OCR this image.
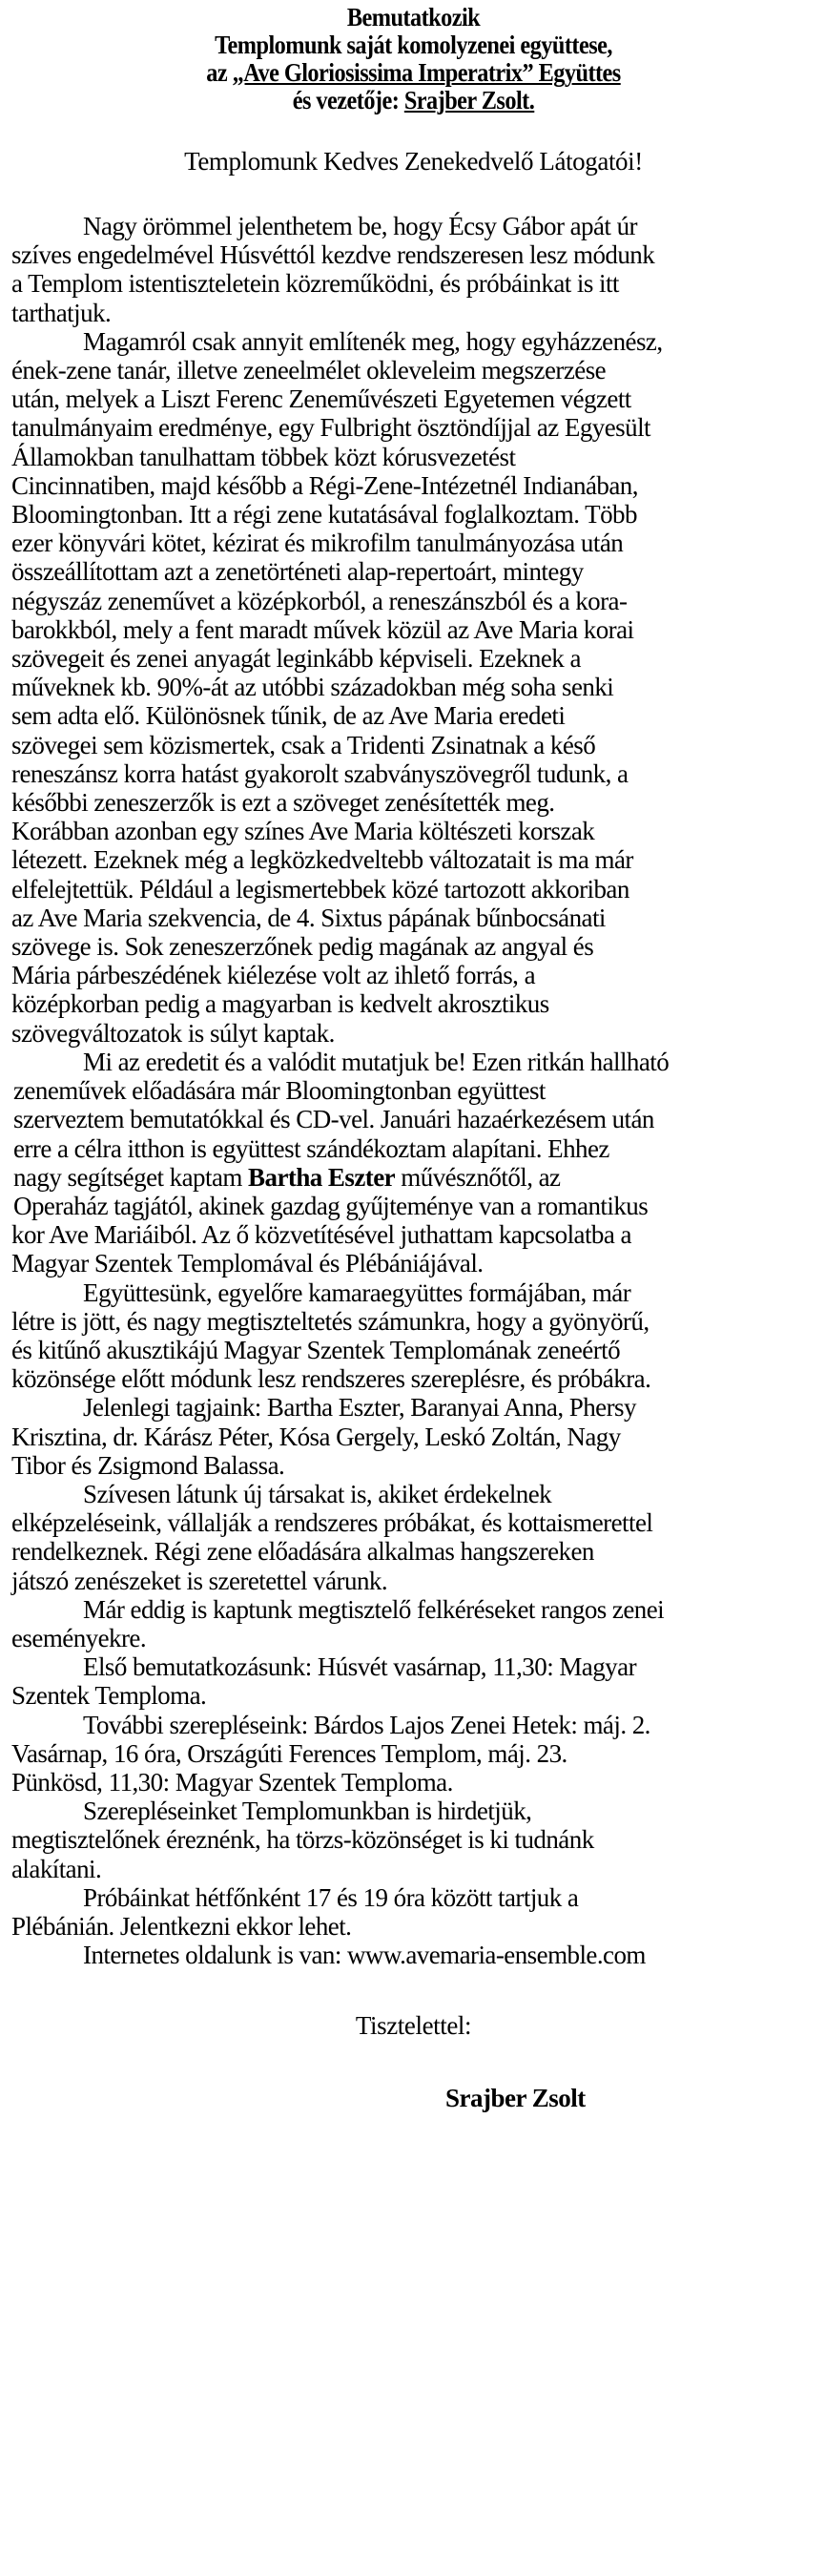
Bemutatkozik
Templomunk saját komolyzenei együttese,
az „Ave Gloriosissima Imperatrix” Együttes
és vezetője: Srajber Zsolt.
Templomunk Kedves Zenekedvelő Látogatói!
Nagy örömmel jelenthetem be, hogy Écsy Gábor apát úr
szíves engedelmével Húsvéttól kezdve rendszeresen lesz módunk
a Templom istentiszteletein közreműködni, és próbáinkat is itt
tarthatjuk.
Magamról csak annyit említenék meg, hogy egyházzenész,
ének-zene tanár, illetve zeneelmélet okleveleim megszerzése
után, melyek a Liszt Ferenc Zeneművészeti Egyetemen végzett
tanulmányaim eredménye, egy Fulbright ösztöndíjjal az Egyesült
Államokban tanulhattam többek közt kórusvezetést
Cincinnatiben, majd később a Régi-Zene-Intézetnél Indianában,
Bloomingtonban. Itt a régi zene kutatásával foglalkoztam. Több
ezer könyvári kötet, kézirat és mikrofilm tanulmányozása után
összeállítottam azt a zenetörténeti alap-repertoárt, mintegy
négyszáz zeneművet a középkorból, a reneszánszból és a kora-
barokkból, mely a fent maradt művek közül az Ave Maria korai
szövegeit és zenei anyagát leginkább képviseli. Ezeknek a
műveknek kb. 90%-át az utóbbi századokban még soha senki
sem adta elő. Különösnek tűnik, de az Ave Maria eredeti
szövegei sem közismertek, csak a Tridenti Zsinatnak a késő
reneszánsz korra hatást gyakorolt szabványszövegről tudunk, a
későbbi zeneszerzők is ezt a szöveget zenésítették meg.
Korábban azonban egy színes Ave Maria költészeti korszak
létezett. Ezeknek még a legközkedveltebb változatait is ma már
elfelejtettük. Például a legismertebbek közé tartozott akkoriban
az Ave Maria szekvencia, de 4. Sixtus pápának bűnbocsánati
szövege is. Sok zeneszerzőnek pedig magának az angyal és
Mária párbeszédének kiélezése volt az ihlető forrás, a
középkorban pedig a magyarban is kedvelt akrosztikus
szövegváltozatok is súlyt kaptak.
Mi az eredetit és a valódit mutatjuk be! Ezen ritkán hallható
zeneművek előadására már Bloomingtonban együttest
szerveztem bemutatókkal és CD-vel. Januári hazaérkezésem után
erre a célra itthon is együttest szándékoztam alapítani. Ehhez
nagy segítséget kaptam Bartha Eszter művésznőtől, az
Operaház tagjától, akinek gazdag gyűjteménye van a romantikus
kor Ave Mariáiból. Az ő közvetítésével juthattam kapcsolatba a
Magyar Szentek Templomával és Plébániájával.
Együttesünk, egyelőre kamaraegyüttes formájában, már
létre is jött, és nagy megtiszteltetés számunkra, hogy a gyönyörű,
és kitűnő akusztikájú Magyar Szentek Templomának zeneértő
közönsége előtt módunk lesz rendszeres szereplésre, és próbákra.
Jelenlegi tagjaink: Bartha Eszter, Baranyai Anna, Phersy
Krisztina, dr. Kárász Péter, Kósa Gergely, Leskó Zoltán, Nagy
Tibor és Zsigmond Balassa.
Szívesen látunk új társakat is, akiket érdekelnek
elképzeléseink, vállalják a rendszeres próbákat, és kottaismerettel
rendelkeznek. Régi zene előadására alkalmas hangszereken
játszó zenészeket is szeretettel várunk.
Már eddig is kaptunk megtisztelő felkéréseket rangos zenei
eseményekre.
Első bemutatkozásunk: Húsvét vasárnap, 11,30: Magyar
Szentek Temploma.
További szerepléseink: Bárdos Lajos Zenei Hetek: máj. 2.
Vasárnap, 16 óra, Országúti Ferences Templom, máj. 23.
Pünkösd, 11,30: Magyar Szentek Temploma.
Szerepléseinket Templomunkban is hirdetjük,
megtisztelőnek éreznénk, ha törzs-közönséget is ki tudnánk
alakítani.
Próbáinkat hétfőnként 17 és 19 óra között tartjuk a
Plébánián. Jelentkezni ekkor lehet.
Internetes oldalunk is van: www.avemaria-ensemble.com
Tisztelettel:
Srajber Zsolt
